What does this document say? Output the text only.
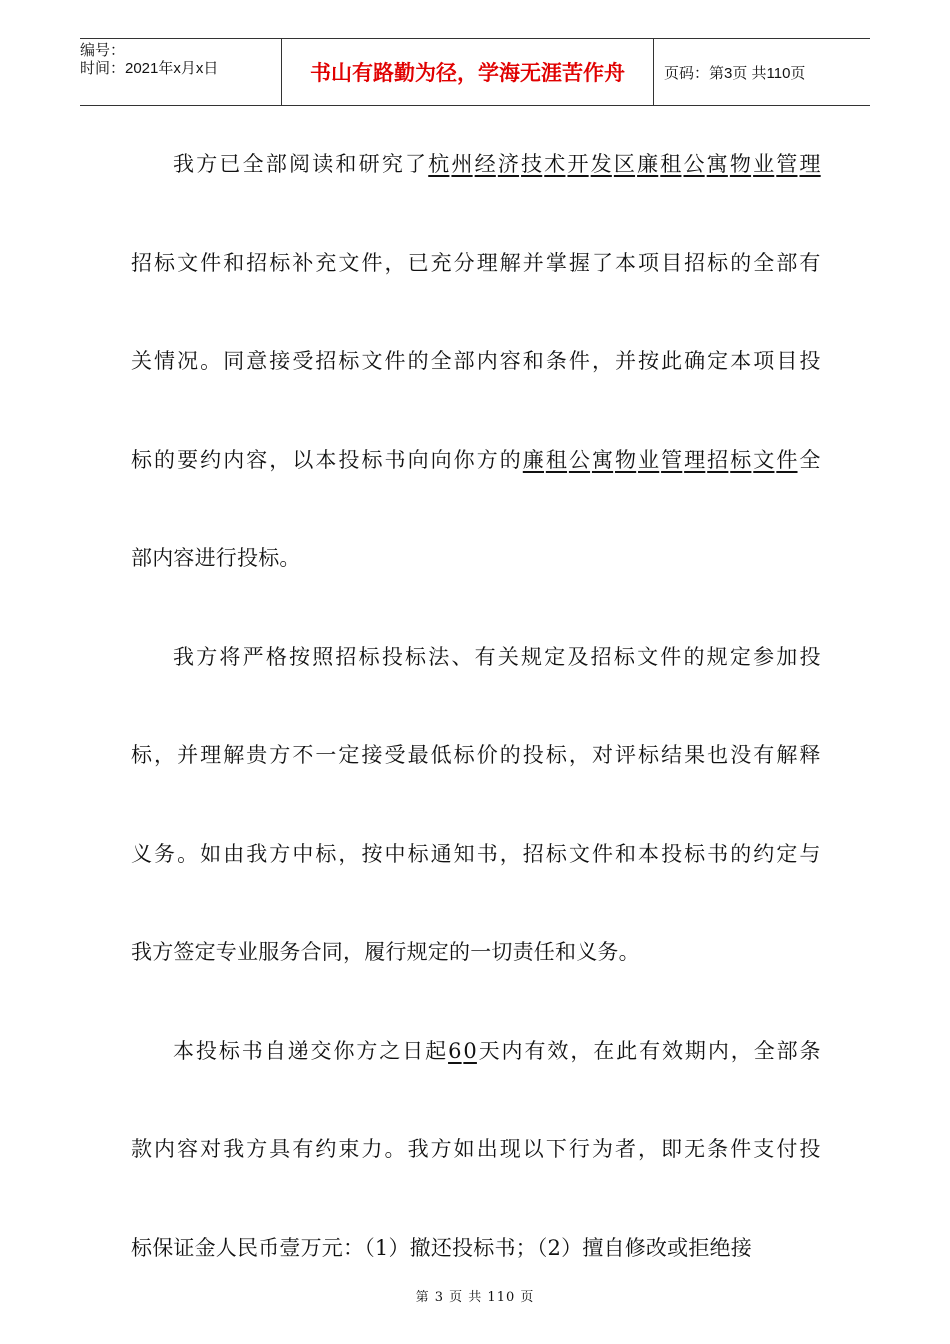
编号：
时间：2021年x月x日	书山有路勤为径，学海无涯苦作舟	页码：第3页 共110页
我 方 已 全 部 阅 读 和 研 究 了 杭 州 经 济 技 术 开 发 区 廉 租 公 寓 物 业 管 理
招 标 文 件 和 招 标 补 充 文 件 ， 已 充 分 理 解 并 掌 握 了 本 项 目 招 标 的 全 部 有
关 情 况 。 同 意 接 受 招 标 文 件 的 全 部 内 容 和 条 件 ， 并 按 此 确 定 本 项 目 投
标 的 要 约 内 容 ， 以 本 投 标 书 向 向 你 方 的 廉 租 公 寓 物 业 管 理 招 标 文 件 全
部内容进行投标。
我 方 将 严 格 按 照 招 标 投 标 法 、 有 关 规 定 及 招 标 文 件 的 规 定 参 加 投
标 ， 并 理 解 贵 方 不 一 定 接 受 最 低 标 价 的 投 标 ， 对 评 标 结 果 也 没 有 解 释
义 务 。 如 由 我 方 中 标 ， 按 中 标 通 知 书 ， 招 标 文 件 和 本 投 标 书 的 约 定 与
我方签定专业服务合同，履行规定的一切责任和义务。
本 投 标 书 自 递 交 你 方 之 日 起 6 0 天 内 有 效 ， 在 此 有 效 期 内 ， 全 部 条
款 内 容 对 我 方 具 有 约 束 力 。 我 方 如 出 现 以 下 行 为 者 ， 即 无 条 件 支 付 投
标保证金人民币壹万元：（1）撤还投标书；（2）擅自修改或拒绝接
第 3 页 共 110 页
